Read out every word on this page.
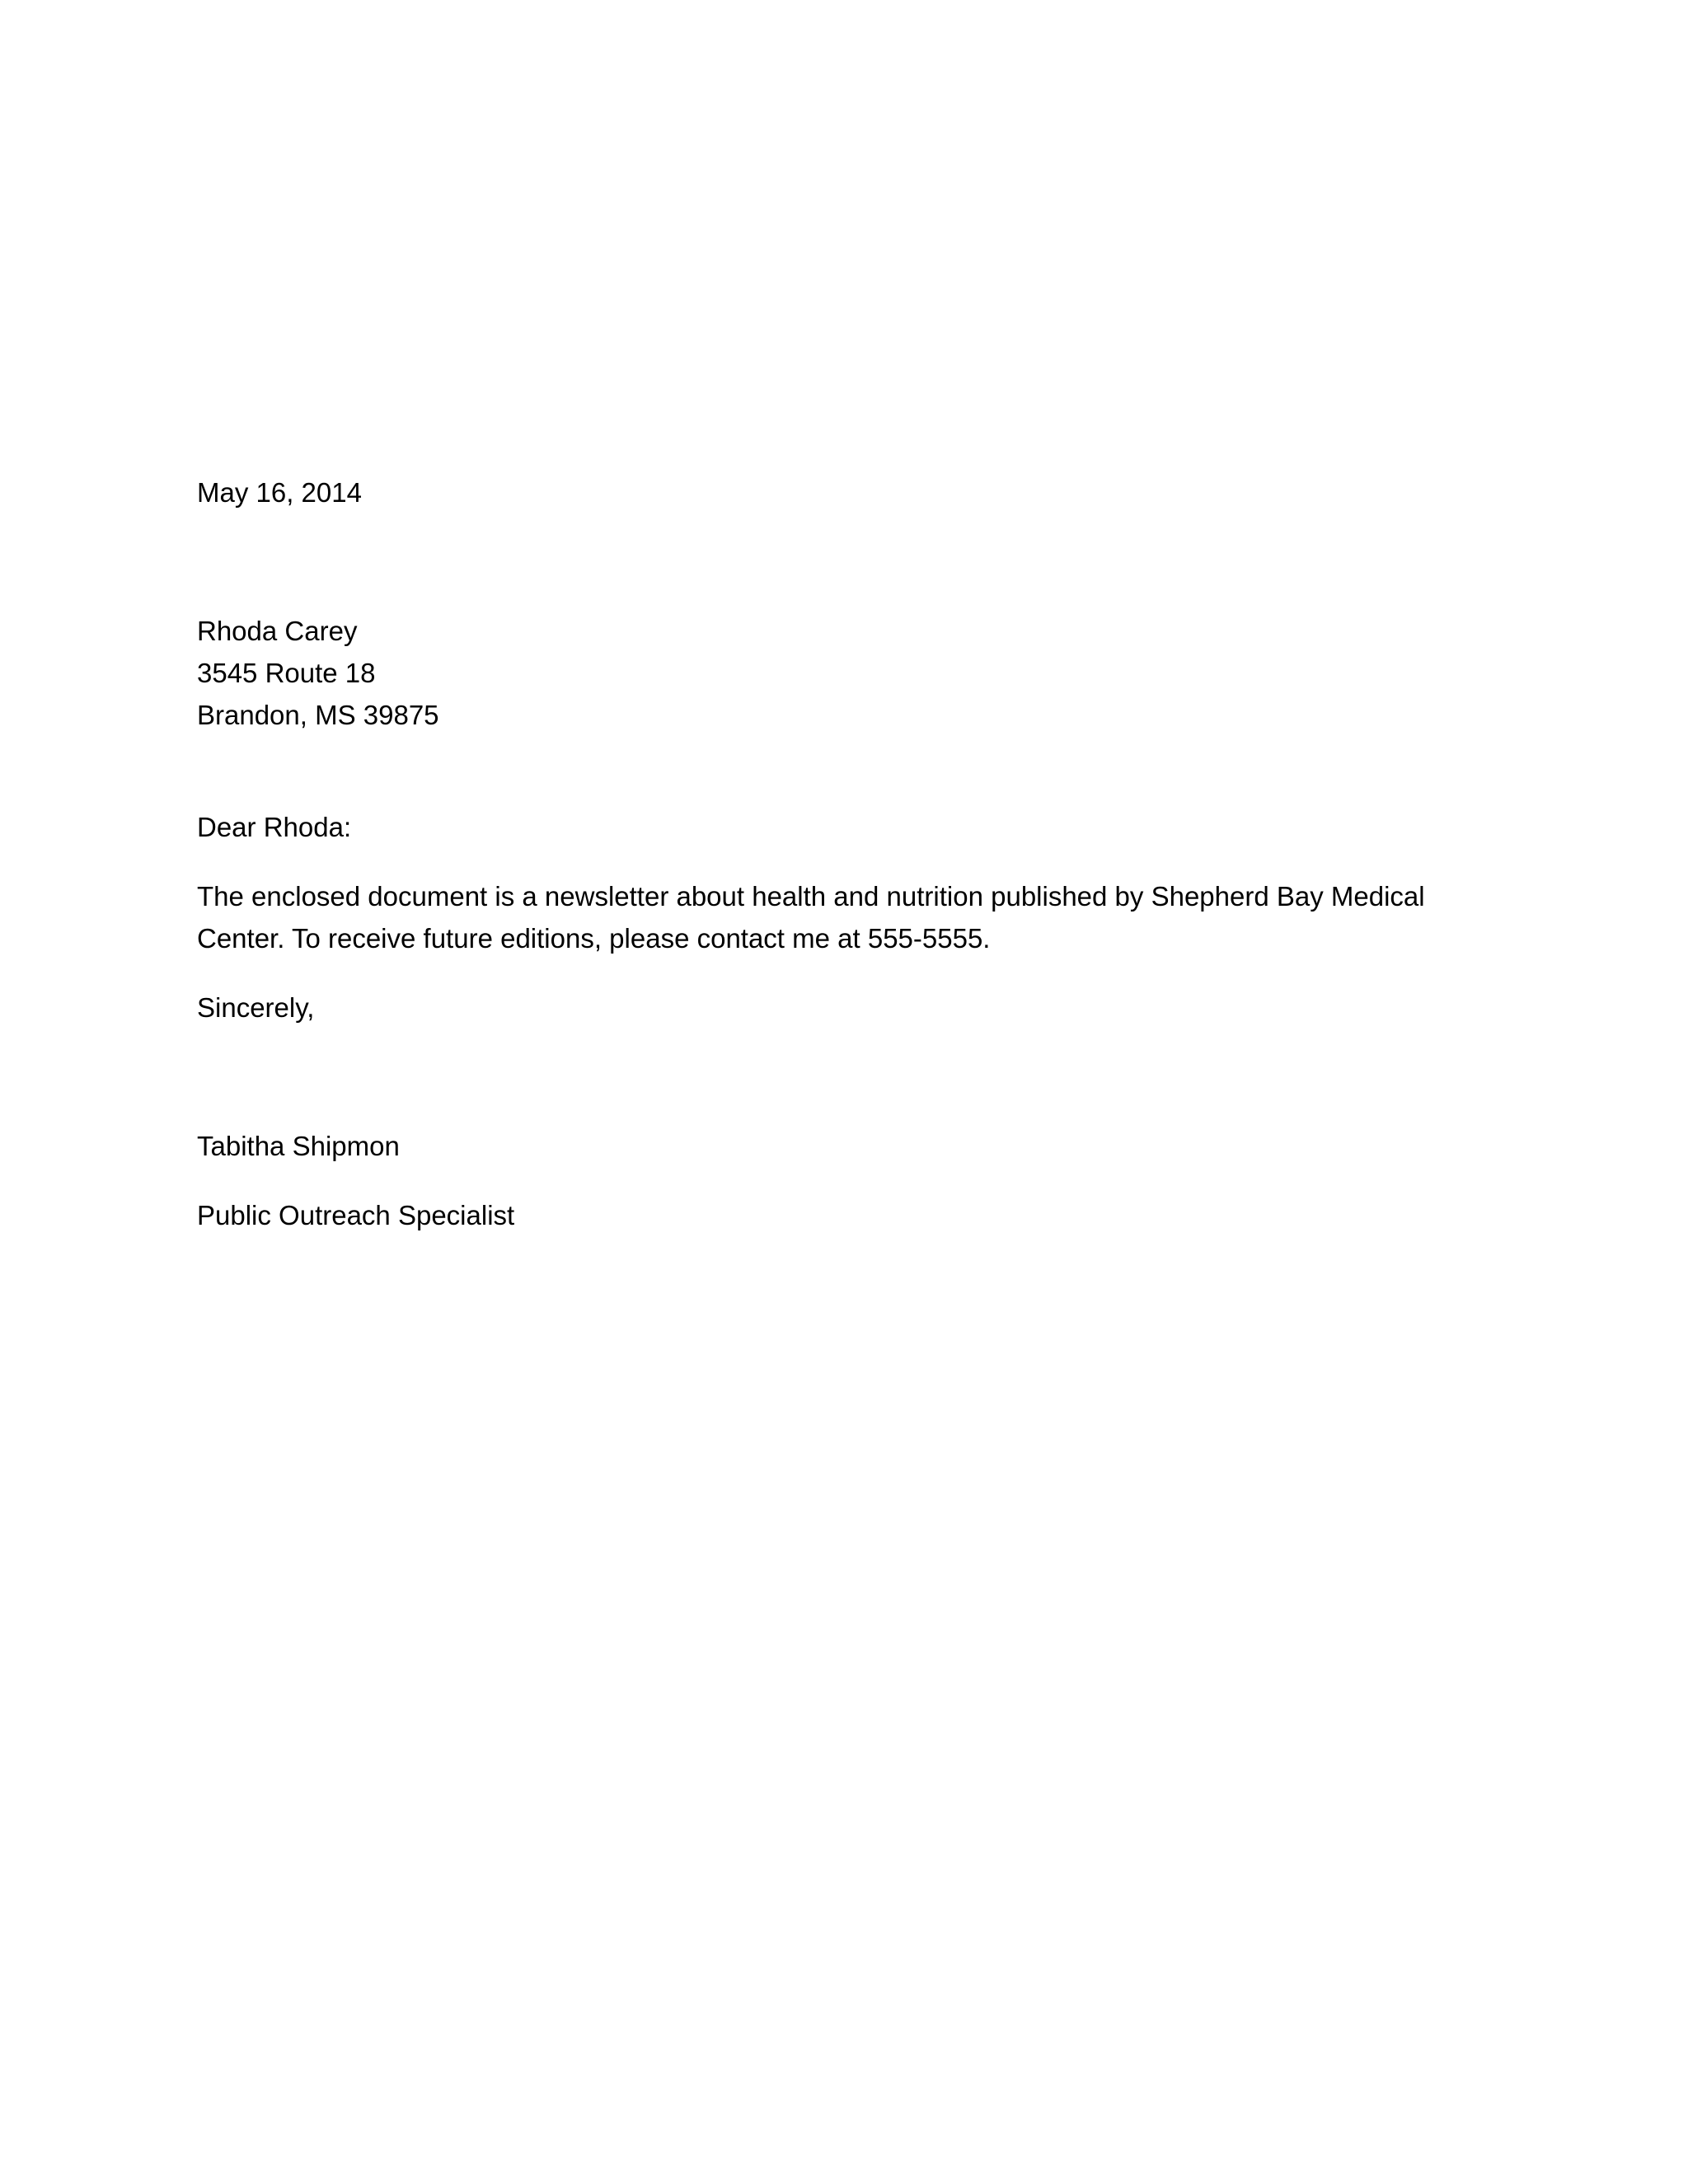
May 16, 2014
Rhoda Carey
3545 Route 18
Brandon, MS 39875
Dear Rhoda:
The enclosed document is a newsletter about health and nutrition published by Shepherd Bay Medical
Center. To receive future editions, please contact me at 555-5555.
Sincerely,
Tabitha Shipmon
Public Outreach Specialist
